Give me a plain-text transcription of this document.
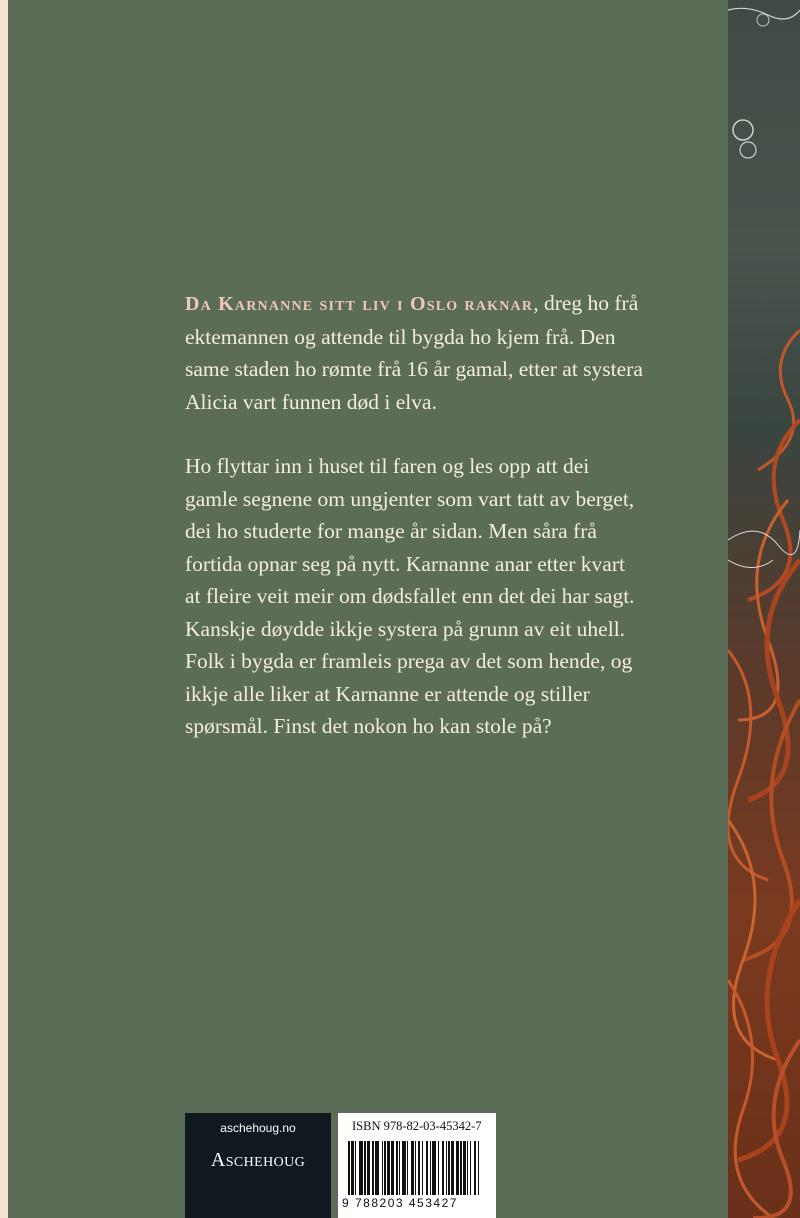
Da Karnanne sitt liv i Oslo raknar, dreg ho frå ektemannen og attende til bygda ho kjem frå. Den same staden ho rømte frå 16 år gamal, etter at systera Alicia vart funnen død i elva.

Ho flyttar inn i huset til faren og les opp att dei gamle segnene om ungjenter som vart tatt av berget, dei ho studerte for mange år sidan. Men såra frå fortida opnar seg på nytt. Karnanne anar etter kvart at fleire veit meir om dødsfallet enn det dei har sagt. Kanskje døydde ikkje systera på grunn av eit uhell. Folk i bygda er framleis prega av det som hende, og ikkje alle liker at Karnanne er attende og stiller spørsmål. Finst det nokon ho kan stole på?

aschehoug.no
Aschehoug
ISBN 978-82-03-45342-7
9 788203 453427
